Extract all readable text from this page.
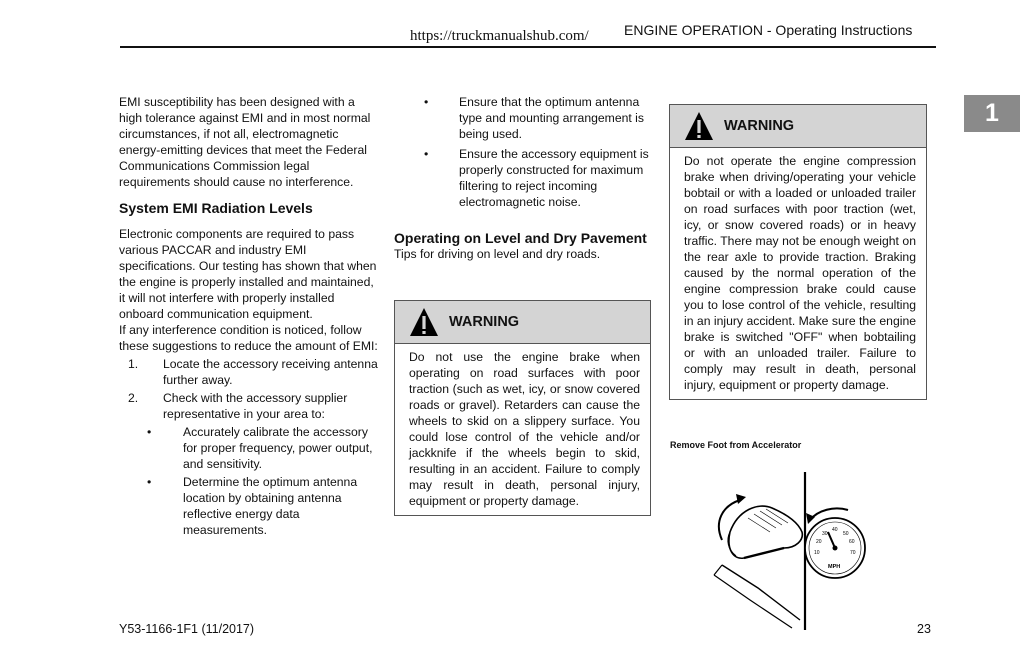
https://truckmanualshub.com/	ENGINE OPERATION - Operating Instructions
1

EMI susceptibility has been designed with a high tolerance against EMI and in most normal circumstances, if not all, electromagnetic energy-emitting devices that meet the Federal Communications Commission legal requirements should cause no interference.

System EMI Radiation Levels

Electronic components are required to pass various PACCAR and industry EMI specifications. Our testing has shown that when the engine is properly installed and maintained, it will not interfere with properly installed onboard communication equipment.

If any interference condition is noticed, follow these suggestions to reduce the amount of EMI:

1.	Locate the accessory receiving antenna further away.
2.	Check with the accessory supplier representative in your area to:
•	Accurately calibrate the accessory for proper frequency, power output, and sensitivity.
•	Determine the optimum antenna location by obtaining antenna reflective energy data measurements.
•	Ensure that the optimum antenna type and mounting arrangement is being used.
•	Ensure the accessory equipment is properly constructed for maximum filtering to reject incoming electromagnetic noise.
Operating on Level and Dry Pavement

Tips for driving on level and dry roads.

WARNING
Do not use the engine brake when operating on road surfaces with poor traction (such as wet, icy, or snow covered roads or gravel). Retarders can cause the wheels to skid on a slippery surface. You could lose control of the vehicle and/or jackknife if the wheels begin to skid, resulting in an accident. Failure to comply may result in death, personal injury, equipment or property damage.
WARNING
Do not operate the engine compression brake when driving/operating your vehicle bobtail or with a loaded or unloaded trailer on road surfaces with poor traction (wet, icy, or snow covered roads) or in heavy traffic. There may not be enough weight on the rear axle to provide traction. Braking caused by the normal operation of the engine compression brake could cause you to lose control of the vehicle, resulting in an injury accident. Make sure the engine brake is switched "OFF" when bobtailing or with an unloaded trailer. Failure to comply may result in death, personal injury, equipment or property damage.
Remove Foot from Accelerator
10
20
30
40
50
60
70
MPH
Y53-1166-1F1 (11/2017)	23
